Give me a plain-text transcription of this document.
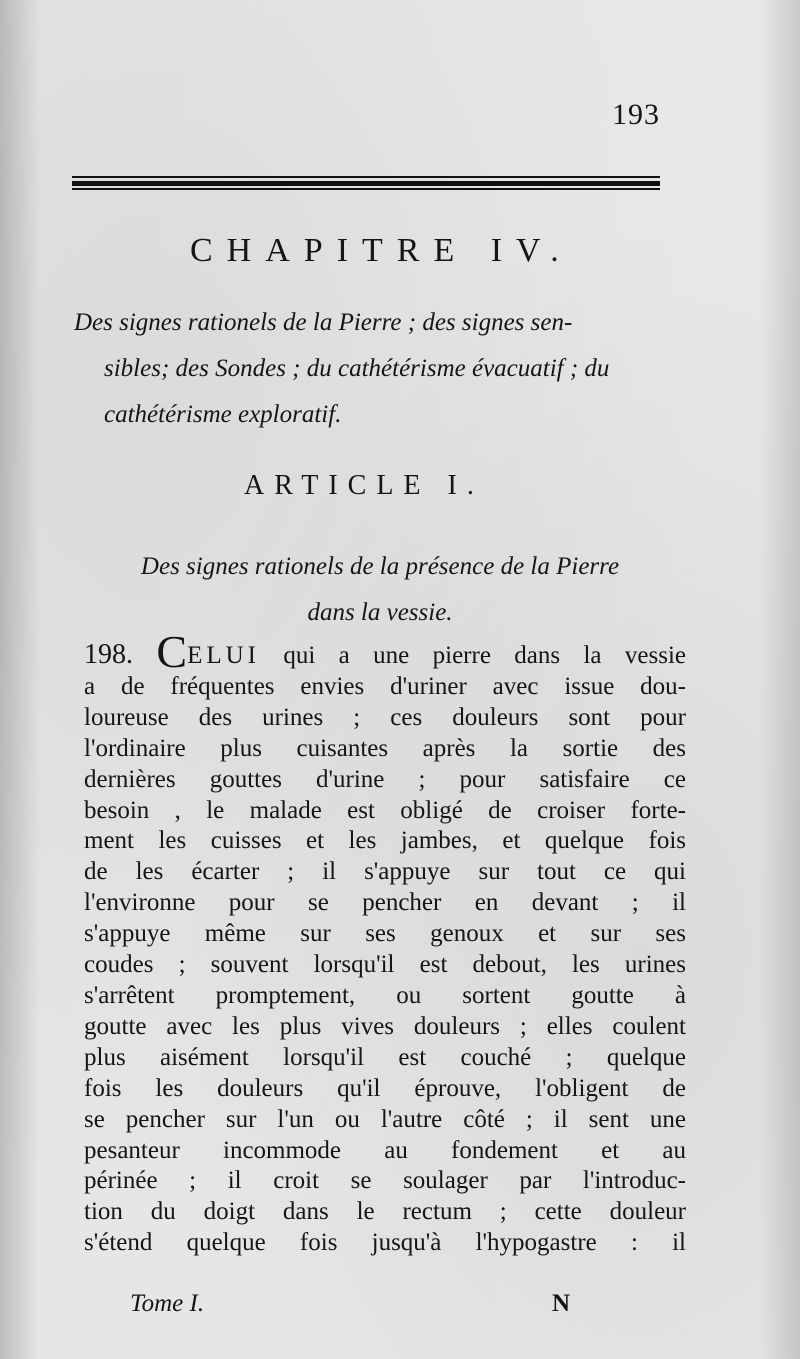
193
CHAPITRE IV.
Des signes rationels de la Pierre ; des signes sen-
sibles; des Sondes ; du cathétérisme évacuatif ; du
cathétérisme exploratif.
ARTICLE I.
Des signes rationels de la présence de la Pierre
dans la vessie.
198. CELUI qui a une pierre dans la vessie
a de fréquentes envies d'uriner avec issue dou-
loureuse des urines ; ces douleurs sont pour
l'ordinaire plus cuisantes après la sortie des
dernières gouttes d'urine ; pour satisfaire ce
besoin , le malade est obligé de croiser forte-
ment les cuisses et les jambes, et quelque fois
de les écarter ; il s'appuye sur tout ce qui
l'environne pour se pencher en devant ; il
s'appuye même sur ses genoux et sur ses
coudes ; souvent lorsqu'il est debout, les urines
s'arrêtent promptement, ou sortent goutte à
goutte avec les plus vives douleurs ; elles coulent
plus aisément lorsqu'il est couché ; quelque
fois les douleurs qu'il éprouve, l'obligent de
se pencher sur l'un ou l'autre côté ; il sent une
pesanteur incommode au fondement et au
périnée ; il croit se soulager par l'introduc-
tion du doigt dans le rectum ; cette douleur
s'étend quelque fois jusqu'à l'hypogastre : il
Tome I.	N
